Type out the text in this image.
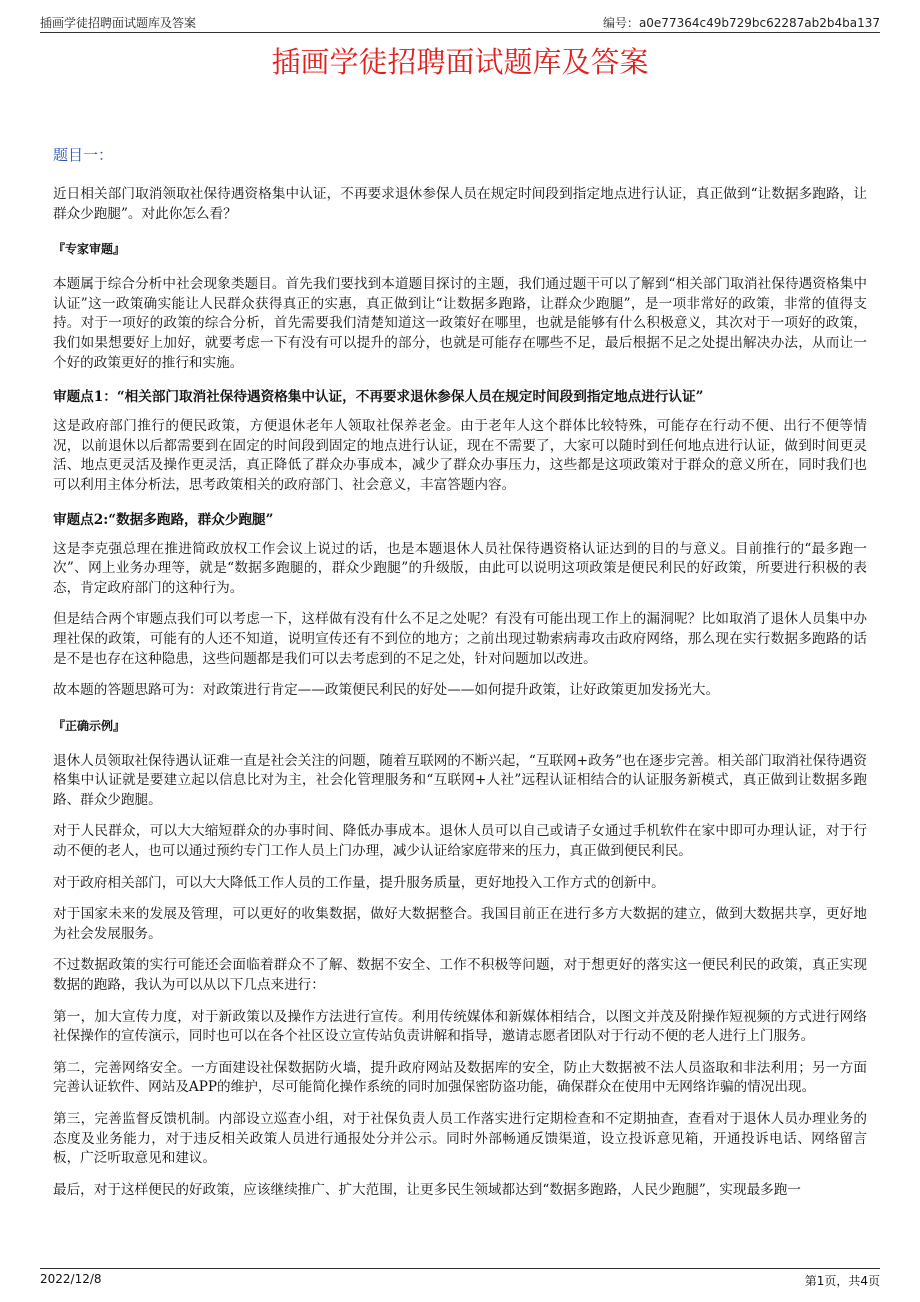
插画学徒招聘面试题库及答案	编号：a0e77364c49b729bc62287ab2b4ba137
插画学徒招聘面试题库及答案
题目一：

近日相关部门取消领取社保待遇资格集中认证，不再要求退休参保人员在规定时间段到指定地点进行认证，真正做到“让数据多跑路，让群众少跑腿”。对此你怎么看？

『专家审题』

本题属于综合分析中社会现象类题目。首先我们要找到本道题目探讨的主题，我们通过题干可以了解到“相关部门取消社保待遇资格集中认证”这一政策确实能让人民群众获得真正的实惠，真正做到让“让数据多跑路，让群众少跑腿”，是一项非常好的政策，非常的值得支持。对于一项好的政策的综合分析，首先需要我们清楚知道这一政策好在哪里，也就是能够有什么积极意义，其次对于一项好的政策，我们如果想要好上加好，就要考虑一下有没有可以提升的部分，也就是可能存在哪些不足，最后根据不足之处提出解决办法，从而让一个好的政策更好的推行和实施。

审题点1：“相关部门取消社保待遇资格集中认证，不再要求退休参保人员在规定时间段到指定地点进行认证”

这是政府部门推行的便民政策，方便退休老年人领取社保养老金。由于老年人这个群体比较特殊，可能存在行动不便、出行不便等情况，以前退休以后都需要到在固定的时间段到固定的地点进行认证，现在不需要了，大家可以随时到任何地点进行认证，做到时间更灵活、地点更灵活及操作更灵活，真正降低了群众办事成本，减少了群众办事压力，这些都是这项政策对于群众的意义所在，同时我们也可以利用主体分析法，思考政策相关的政府部门、社会意义，丰富答题内容。

审题点2:“数据多跑路，群众少跑腿”

这是李克强总理在推进简政放权工作会议上说过的话，也是本题退休人员社保待遇资格认证达到的目的与意义。目前推行的“最多跑一次”、网上业务办理等，就是“数据多跑腿的，群众少跑腿”的升级版，由此可以说明这项政策是便民利民的好政策，所要进行积极的表态，肯定政府部门的这种行为。

但是结合两个审题点我们可以考虑一下，这样做有没有什么不足之处呢？有没有可能出现工作上的漏洞呢？比如取消了退休人员集中办理社保的政策，可能有的人还不知道，说明宣传还有不到位的地方；之前出现过勒索病毒攻击政府网络，那么现在实行数据多跑路的话是不是也存在这种隐患，这些问题都是我们可以去考虑到的不足之处，针对问题加以改进。

故本题的答题思路可为：对政策进行肯定——政策便民利民的好处——如何提升政策，让好政策更加发扬光大。

『正确示例』

退休人员领取社保待遇认证难一直是社会关注的问题，随着互联网的不断兴起，“互联网+政务”也在逐步完善。相关部门取消社保待遇资格集中认证就是要建立起以信息比对为主，社会化管理服务和“互联网+人社”远程认证相结合的认证服务新模式，真正做到让数据多跑路、群众少跑腿。

对于人民群众，可以大大缩短群众的办事时间、降低办事成本。退休人员可以自己或请子女通过手机软件在家中即可办理认证，对于行动不便的老人，也可以通过预约专门工作人员上门办理，减少认证给家庭带来的压力，真正做到便民利民。

对于政府相关部门，可以大大降低工作人员的工作量，提升服务质量，更好地投入工作方式的创新中。

对于国家未来的发展及管理，可以更好的收集数据，做好大数据整合。我国目前正在进行多方大数据的建立，做到大数据共享，更好地为社会发展服务。

不过数据政策的实行可能还会面临着群众不了解、数据不安全、工作不积极等问题，对于想更好的落实这一便民利民的政策，真正实现数据的跑路，我认为可以从以下几点来进行：

第一，加大宣传力度，对于新政策以及操作方法进行宣传。利用传统媒体和新媒体相结合，以图文并茂及附操作短视频的方式进行网络社保操作的宣传演示，同时也可以在各个社区设立宣传站负责讲解和指导，邀请志愿者团队对于行动不便的老人进行上门服务。

第二，完善网络安全。一方面建设社保数据防火墙，提升政府网站及数据库的安全，防止大数据被不法人员盗取和非法利用；另一方面完善认证软件、网站及APP的维护，尽可能简化操作系统的同时加强保密防盗功能，确保群众在使用中无网络诈骗的情况出现。

第三，完善监督反馈机制。内部设立巡查小组，对于社保负责人员工作落实进行定期检查和不定期抽查，查看对于退休人员办理业务的态度及业务能力，对于违反相关政策人员进行通报处分并公示。同时外部畅通反馈渠道，设立投诉意见箱，开通投诉电话、网络留言板，广泛听取意见和建议。

最后，对于这样便民的好政策，应该继续推广、扩大范围，让更多民生领域都达到“数据多跑路，人民少跑腿”，实现最多跑一

2022/12/8	第1页，共4页
